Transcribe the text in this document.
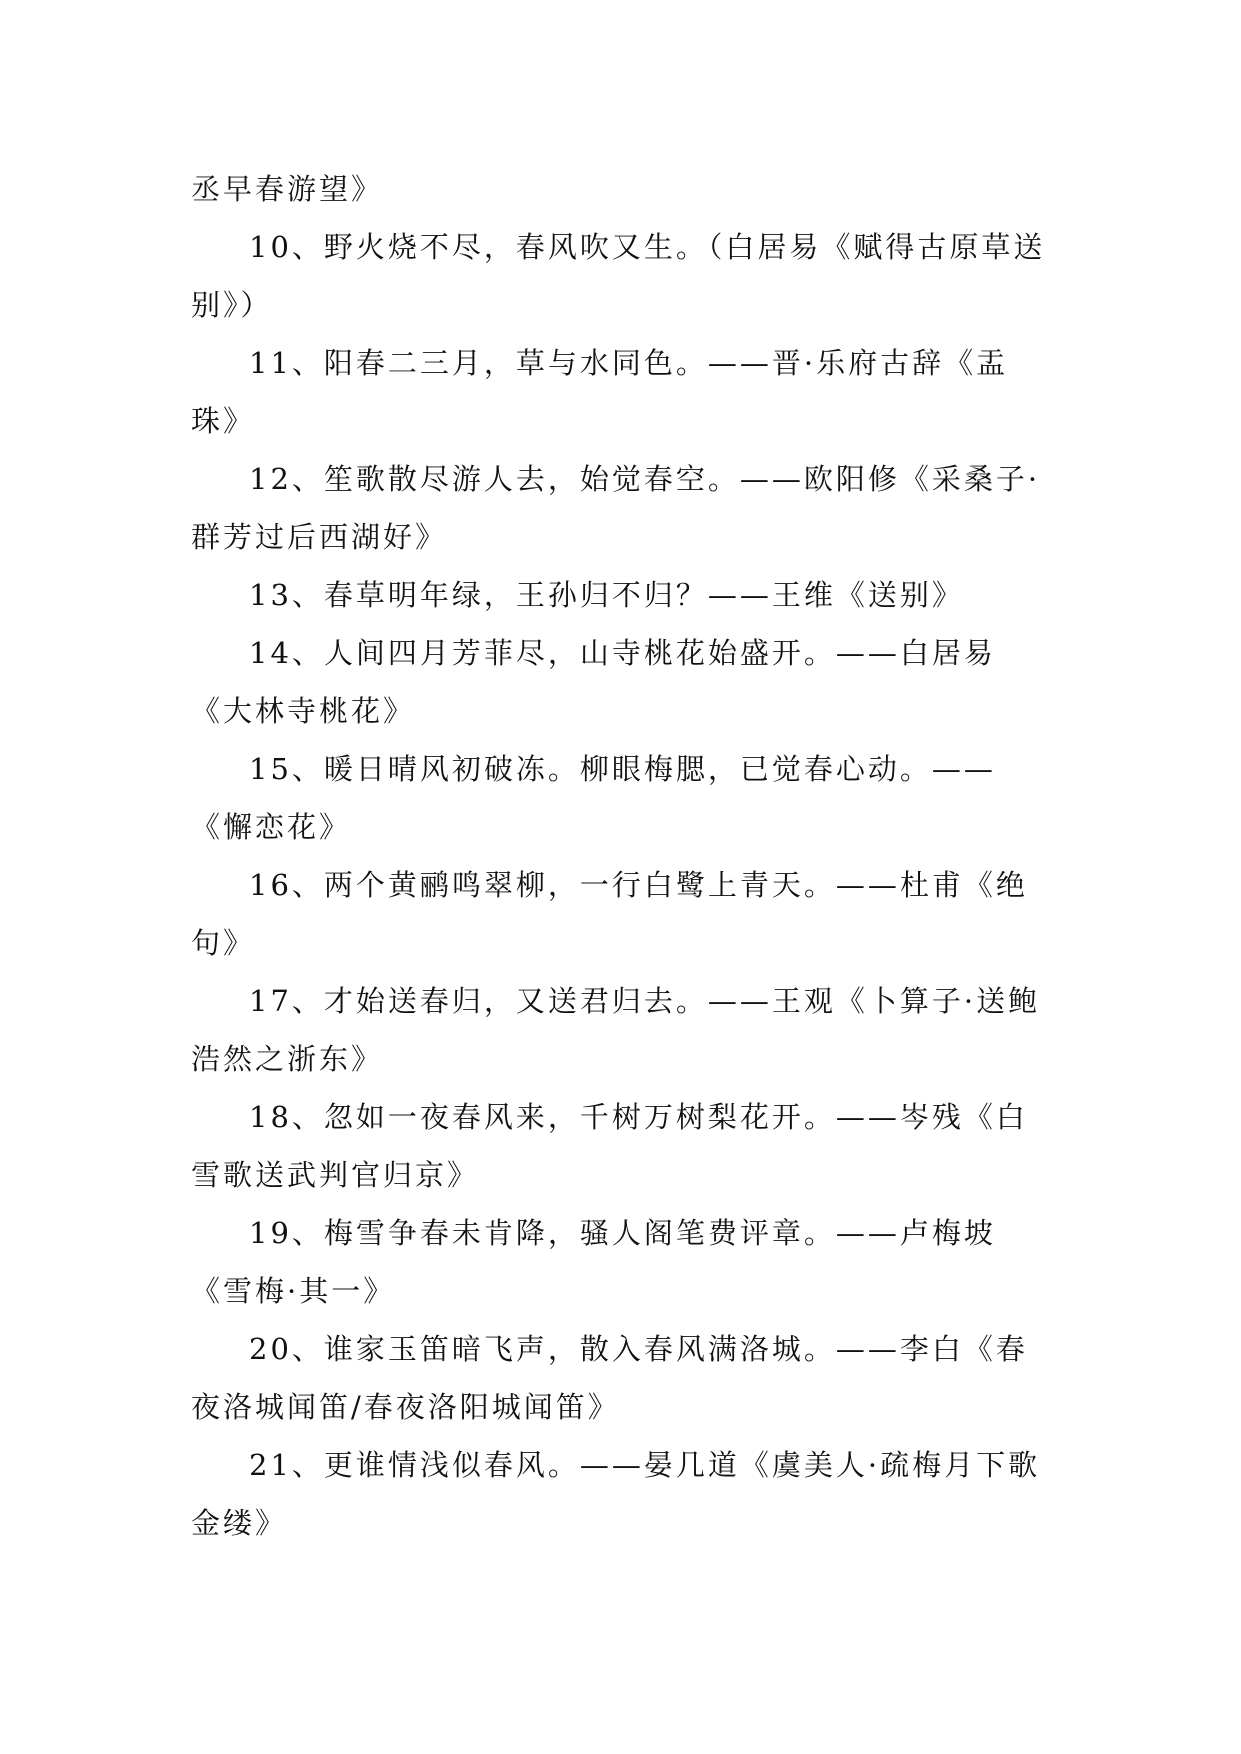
丞早春游望》

10、野火烧不尽，春风吹又生。（白居易《赋得古原草送别》）

11、阳春二三月，草与水同色。——晋·乐府古辞《盂珠》

12、笙歌散尽游人去，始觉春空。——欧阳修《采桑子·群芳过后西湖好》

13、春草明年绿，王孙归不归？——王维《送别》

14、人间四月芳菲尽，山寺桃花始盛开。——白居易《大林寺桃花》

15、暖日晴风初破冻。柳眼梅腮，已觉春心动。——《懈恋花》

16、两个黄鹂鸣翠柳，一行白鹭上青天。——杜甫《绝句》

17、才始送春归，又送君归去。——王观《卜算子·送鲍浩然之浙东》

18、忽如一夜春风来，千树万树梨花开。——岑残《白雪歌送武判官归京》

19、梅雪争春未肯降，骚人阁笔费评章。——卢梅坡《雪梅·其一》

20、谁家玉笛暗飞声，散入春风满洛城。——李白《春夜洛城闻笛/春夜洛阳城闻笛》

21、更谁情浅似春风。——晏几道《虞美人·疏梅月下歌金缕》
